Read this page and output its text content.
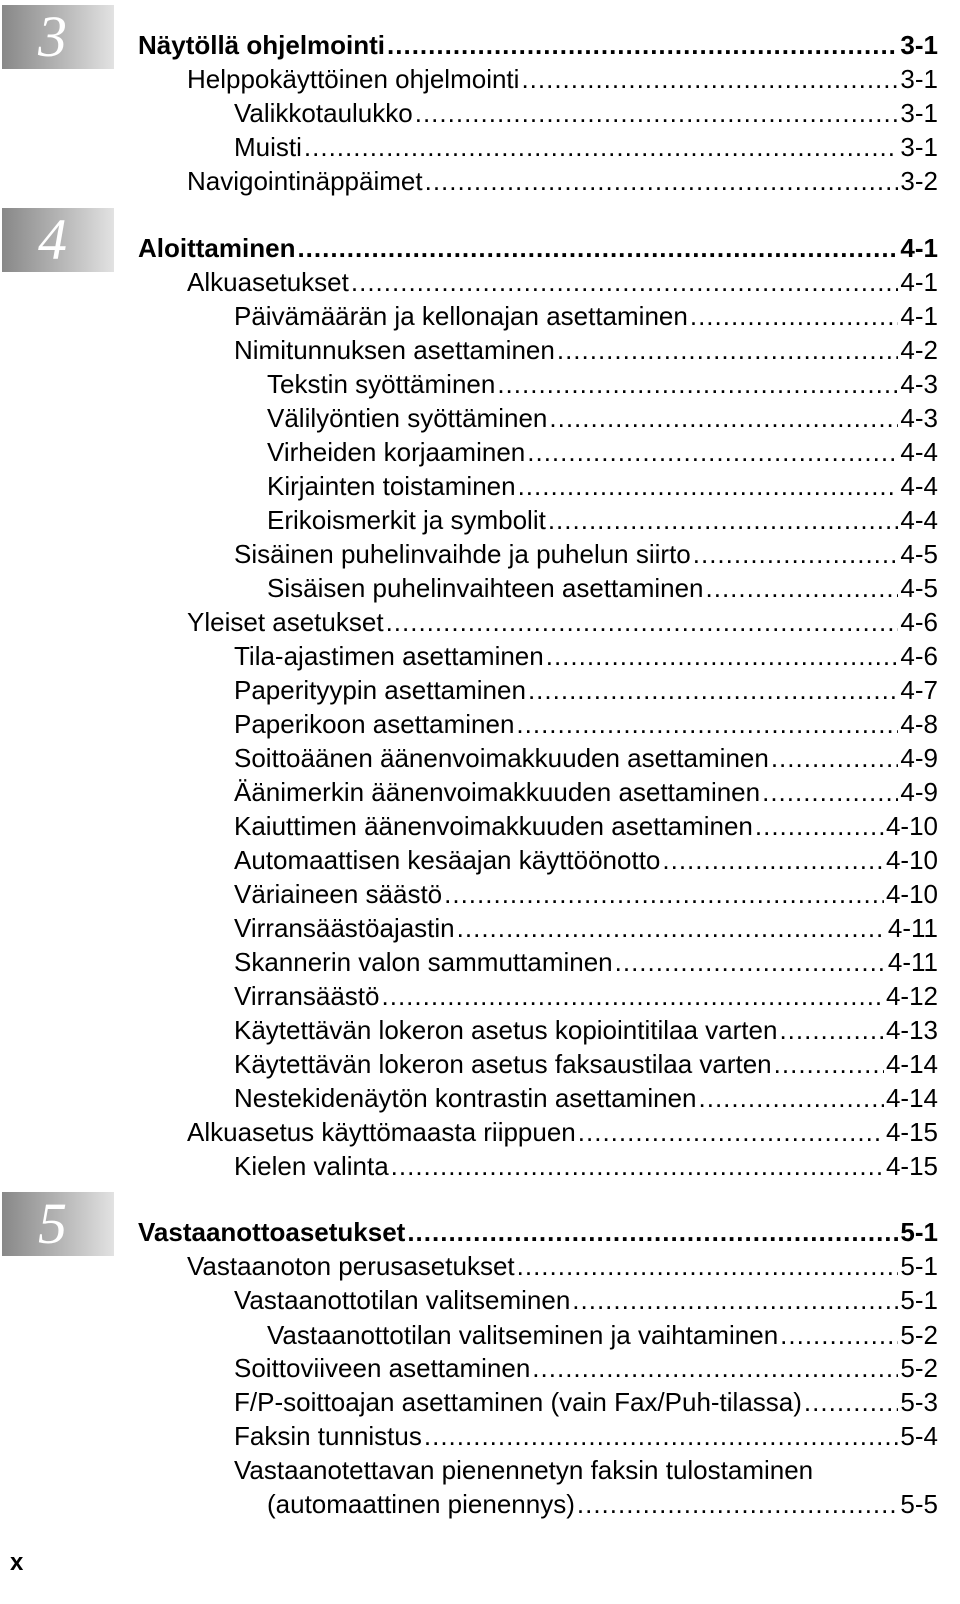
3	Näytöllä ohjelmointi .....	3-1
Helppokäyttöinen ohjelmointi .....	3-1
Valikkotaulukko .....	3-1
Muisti .....	3-1
Navigointinäppäimet .....	3-2
4	Aloittaminen .....	4-1
Alkuasetukset .....	4-1
Päivämäärän ja kellonajan asettaminen .....	4-1
Nimitunnuksen asettaminen .....	4-2
Tekstin syöttäminen .....	4-3
Välilyöntien syöttäminen .....	4-3
Virheiden korjaaminen .....	4-4
Kirjainten toistaminen .....	4-4
Erikoismerkit ja symbolit .....	4-4
Sisäinen puhelinvaihde ja puhelun siirto .....	4-5
Sisäisen puhelinvaihteen asettaminen .....	4-5
Yleiset asetukset .....	4-6
Tila-ajastimen asettaminen .....	4-6
Paperityypin asettaminen .....	4-7
Paperikoon asettaminen .....	4-8
Soittoäänen äänenvoimakkuuden asettaminen .....	4-9
Äänimerkin äänenvoimakkuuden asettaminen .....	4-9
Kaiuttimen äänenvoimakkuuden asettaminen .....	4-10
Automaattisen kesäajan käyttöönotto .....	4-10
Väriaineen säästö .....	4-10
Virransäästöajastin .....	4-11
Skannerin valon sammuttaminen .....	4-11
Virransäästö .....	4-12
Käytettävän lokeron asetus kopiointitilaa varten .....	4-13
Käytettävän lokeron asetus faksaustilaa varten .....	4-14
Nestekidenäytön kontrastin asettaminen .....	4-14
Alkuasetus käyttömaasta riippuen .....	4-15
Kielen valinta .....	4-15
5	Vastaanottoasetukset .....	5-1
Vastaanoton perusasetukset .....	5-1
Vastaanottotilan valitseminen .....	5-1
Vastaanottotilan valitseminen ja vaihtaminen .....	5-2
Soittoviiveen asettaminen .....	5-2
F/P-soittoajan asettaminen (vain Fax/Puh-tilassa) .....	5-3
Faksin tunnistus .....	5-4
Vastaanotettavan pienennetyn faksin tulostaminen
(automaattinen pienennys) .....	5-5
x
